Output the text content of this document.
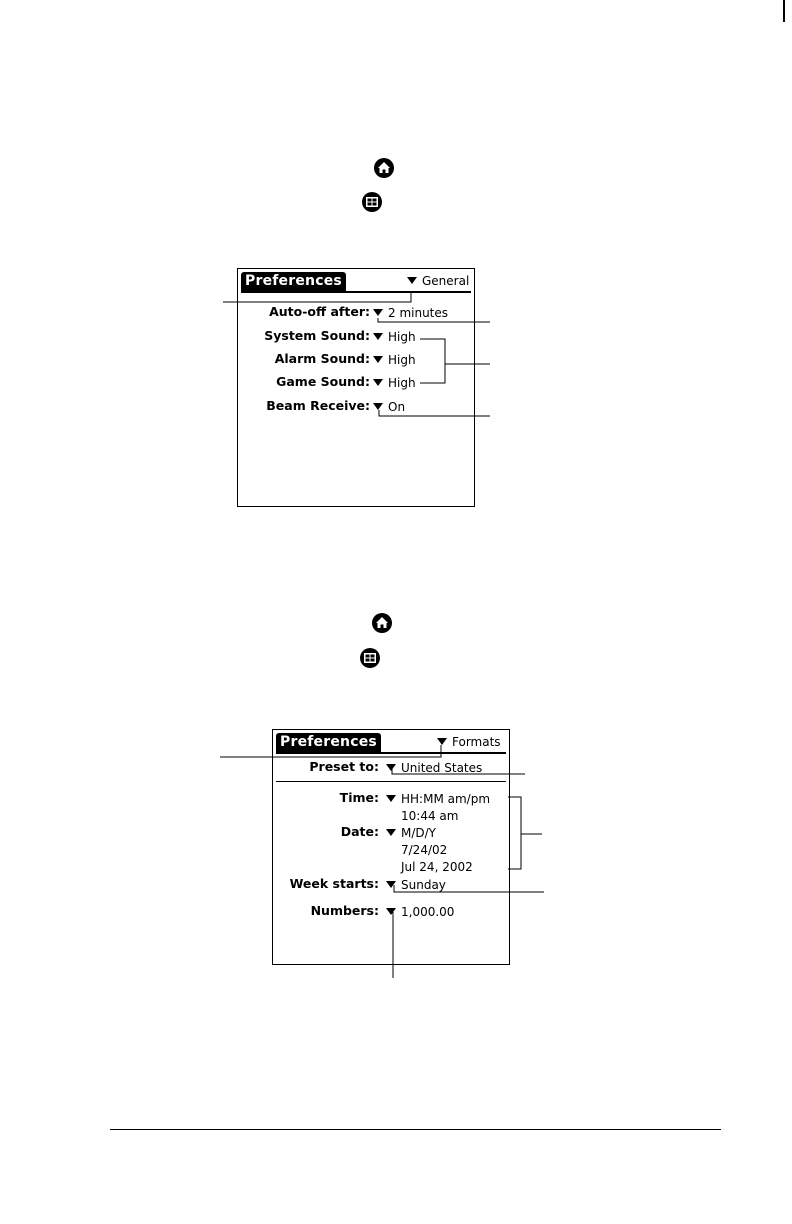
Preferences	General
Auto-off after:	2 minutes
System Sound:	High
Alarm Sound:	High
Game Sound:	High
Beam Receive:	On
Preferences	Formats
Preset to:	United States
Time:	HH:MM am/pm
10:44 am
Date:	M/D/Y
7/24/02
Jul 24, 2002
Week starts:	Sunday
Numbers:	1,000.00
